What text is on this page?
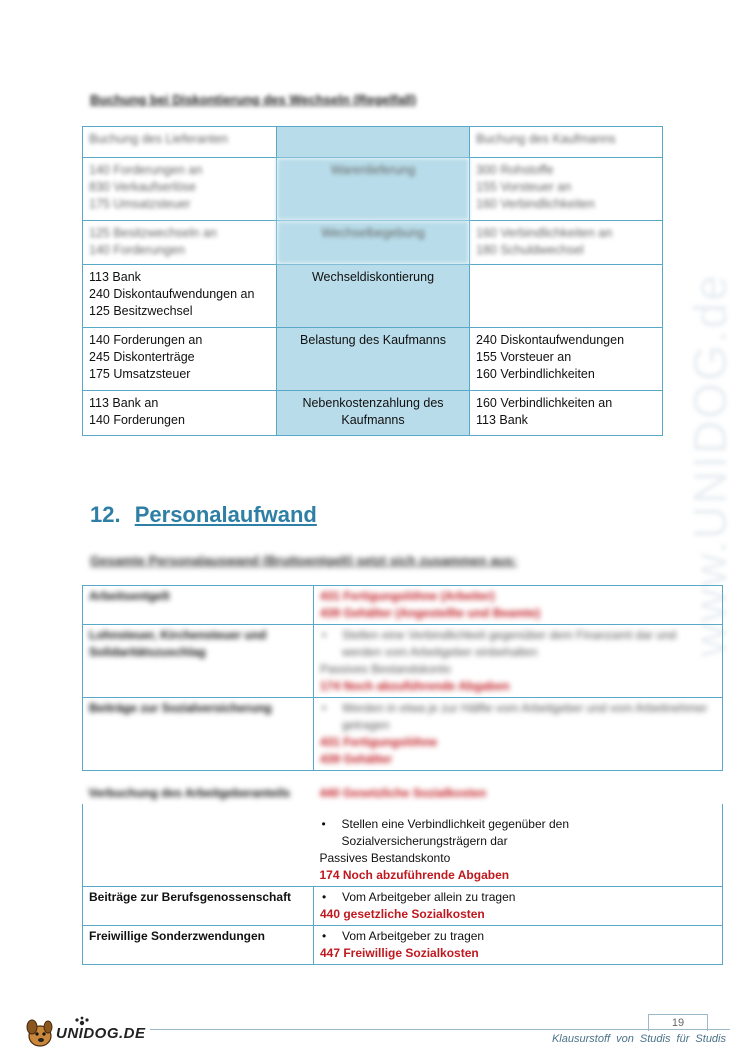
www.UNIDOG.de
Buchung bei Diskontierung des Wechseln (Regelfall)
Buchung des Lieferanten		Buchung des Kaufmanns

140 Forderungen an
830 Verkaufserlöse
175 Umsatzsteuer	Warenlieferung	300 Rohstoffe
155 Vorsteuer an
160 Verbindlichkeiten

125 Besitzwechseln an
140 Forderungen	Wechselbegebung	160 Verbindlichkeiten an
180 Schuldwechsel

113 Bank
240 Diskontaufwendungen an
125 Besitzwechsel	Wechseldiskontierung	

140 Forderungen an
245 Diskonterträge
175 Umsatzsteuer	Belastung des Kaufmanns	240 Diskontaufwendungen
155 Vorsteuer an
160 Verbindlichkeiten

113 Bank an
140 Forderungen	Nebenkostenzahlung des Kaufmanns	160 Verbindlichkeiten an
113 Bank
12. Personalaufwand
Gesamte Personalauswand (Bruttoentgelt) setzt sich zusammen aus:
Arbeitsentgelt	431 Fertigungslöhne (Arbeiter)
439 Gehälter (Angestellte und Beamte)

Lohnsteuer, Kirchensteuer und Solidaritätszuschlag	• Stellen eine Verbindlichkeit gegenüber dem Finanzamt dar und werden vom Arbeitgeber einbehalten
Passives Bestandskonto
174 Noch abzuführende Abgaben

Beiträge zur Sozialversicherung	• Werden in etwa je zur Hälfte vom Arbeitgeber und vom Arbeitnehmer getragen
431 Fertigungslöhne
439 Gehälter

Verbuchung des Arbeitgeberanteils	440 Gesetzliche Sozialkosten

	• Stellen eine Verbindlichkeit gegenüber den Sozialversicherungsträgern dar
Passives Bestandskonto
174 Noch abzuführende Abgaben

Beiträge zur Berufsgenossenschaft	• Vom Arbeitgeber allein zu tragen
440 gesetzliche Sozialkosten

Freiwillige Sonderzwendungen	• Vom Arbeitgeber zu tragen
447 Freiwillige Sozialkosten
UNIDOG.DE
19
Klausurstoff von Studis für Studis
